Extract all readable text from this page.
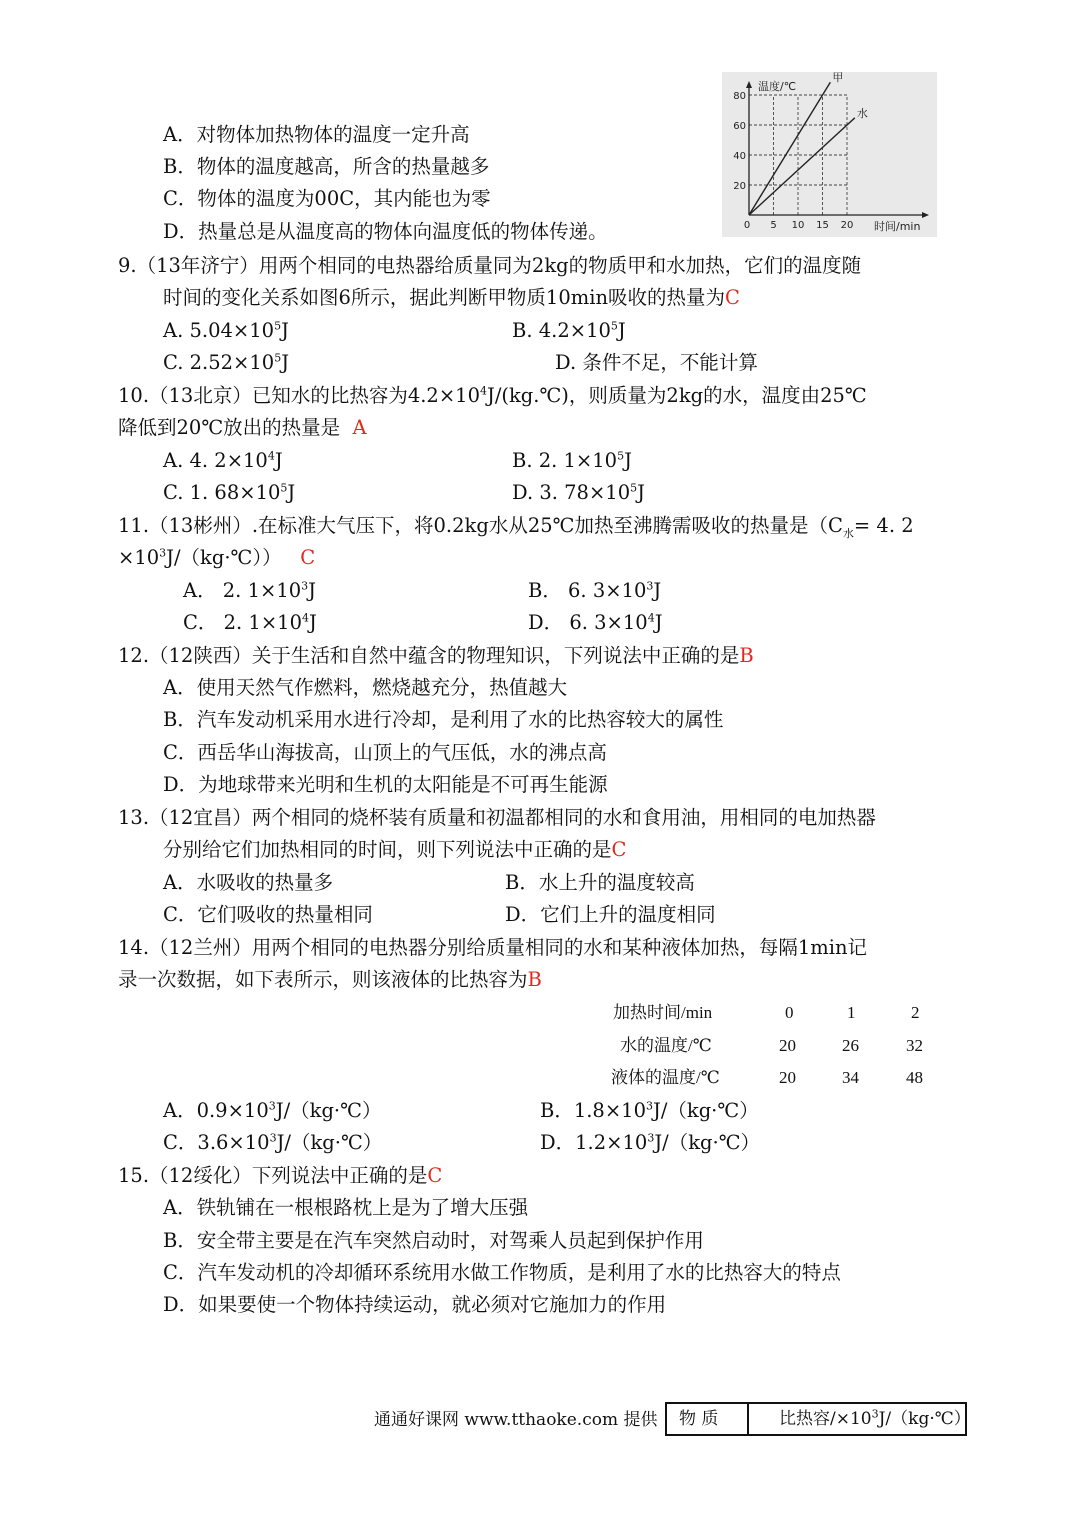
A．对物体加热物体的温度一定升高
B．物体的温度越高，所含的热量越多
C．物体的温度为00C，其内能也为零
D．热量总是从温度高的物体向温度低的物体传递。
温度/℃
时间/min
80
60
40
20
0 5 10 15 20
甲
水
9.（13年济宁）用两个相同的电热器给质量同为2kg的物质甲和水加热，它们的温度随
时间的变化关系如图6所示，据此判断甲物质10min吸收的热量为C
A. $5.04\times 10^5J$	B. $4.2\times 10^5J$
C. $2.52\times 10^5J$	D. 条件不足，不能计算
10.（13北京）已知水的比热容为$4.2\times 10^4J/(kg.℃)$，则质量为2kg的水，温度由25℃
降低到20℃放出的热量是 A
A. 4. $2\times 10^4J$	B. 2. $1\times 10^5J$
C. 1. $68\times 10^5J$	D. 3. $78\times 10^5J$
11.（13彬州）.在标准大气压下，将0.2kg水从25℃加热至沸腾需吸收的热量是（$C_水= 4$. 2
$\times 10^3J/(kg\cdot℃)$） C
A． 2. $1\times 10^3J$	B． 6. $3\times 10^3J$
C． 2. $1\times 10^4J$	D． 6. $3\times 10^4J$
12.（12陕西）关于生活和自然中蕴含的物理知识，下列说法中正确的是B
A．使用天然气作燃料，燃烧越充分，热值越大
B．汽车发动机采用水进行冷却，是利用了水的比热容较大的属性
C．西岳华山海拔高，山顶上的气压低，水的沸点高
D．为地球带来光明和生机的太阳能是不可再生能源
13.（12宜昌）两个相同的烧杯装有质量和初温都相同的水和食用油，用相同的电加热器
分别给它们加热相同的时间，则下列说法中正确的是C
A．水吸收的热量多	B．水上升的温度较高
C．它们吸收的热量相同	D．它们上升的温度相同
14.（12兰州）用两个相同的电热器分别给质量相同的水和某种液体加热，每隔1min记
录一次数据，如下表所示，则该液体的比热容为B
加热时间/min	0	1	2
水的温度/℃	20	26	32
液体的温度/℃	20	34	48
A．$0.9\times 10^3J/(kg\cdot℃)$	B．$1.8\times 10^3J/(kg\cdot℃)$
C．$3.6\times 10^3J/(kg\cdot℃)$	D．$1.2\times 10^3J/(kg\cdot℃)$
15.（12绥化）下列说法中正确的是C
A．铁轨铺在一根根路枕上是为了增大压强
B．安全带主要是在汽车突然启动时，对驾乘人员起到保护作用
C．汽车发动机的冷却循环系统用水做工作物质，是利用了水的比热容大的特点
D．如果要使一个物体持续运动，就必须对它施加力的作用
通通好课网 www.tthaoke.com 提供 物 质	比热容$/\times 10^3J/(kg\cdot℃)$
